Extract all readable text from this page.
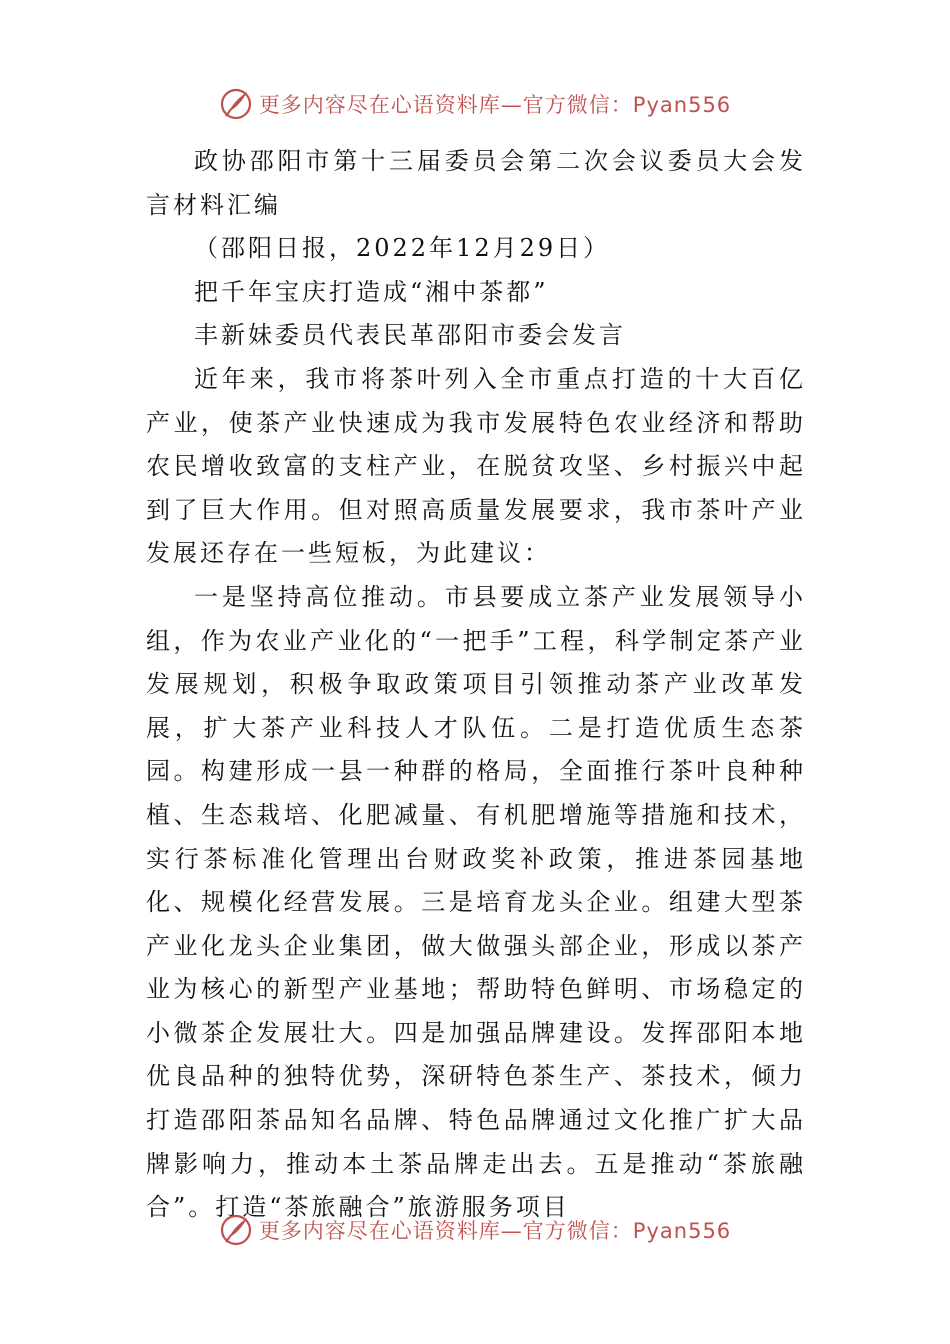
更多内容尽在心语资料库—官方微信：Pyan556

政协邵阳市第十三届委员会第二次会议委员大会发言材料汇编

（邵阳日报，2022年12月29日）

把千年宝庆打造成“湘中茶都”

丰新妹委员代表民革邵阳市委会发言

近年来，我市将茶叶列入全市重点打造的十大百亿产业，使茶产业快速成为我市发展特色农业经济和帮助农民增收致富的支柱产业，在脱贫攻坚、乡村振兴中起到了巨大作用。但对照高质量发展要求，我市茶叶产业发展还存在一些短板，为此建议：

一是坚持高位推动。市县要成立茶产业发展领导小组，作为农业产业化的“一把手”工程，科学制定茶产业发展规划，积极争取政策项目引领推动茶产业改革发展，扩大茶产业科技人才队伍。二是打造优质生态茶园。构建形成一县一种群的格局，全面推行茶叶良种种植、生态栽培、化肥减量、有机肥增施等措施和技术，实行茶标准化管理出台财政奖补政策，推进茶园基地化、规模化经营发展。三是培育龙头企业。组建大型茶产业化龙头企业集团，做大做强头部企业，形成以茶产业为核心的新型产业基地；帮助特色鲜明、市场稳定的小微茶企发展壮大。四是加强品牌建设。发挥邵阳本地优良品种的独特优势，深研特色茶生产、茶技术，倾力打造邵阳茶品知名品牌、特色品牌通过文化推广扩大品牌影响力，推动本土茶品牌走出去。五是推动“茶旅融合”。打造“茶旅融合”旅游服务项目

更多内容尽在心语资料库—官方微信：Pyan556
